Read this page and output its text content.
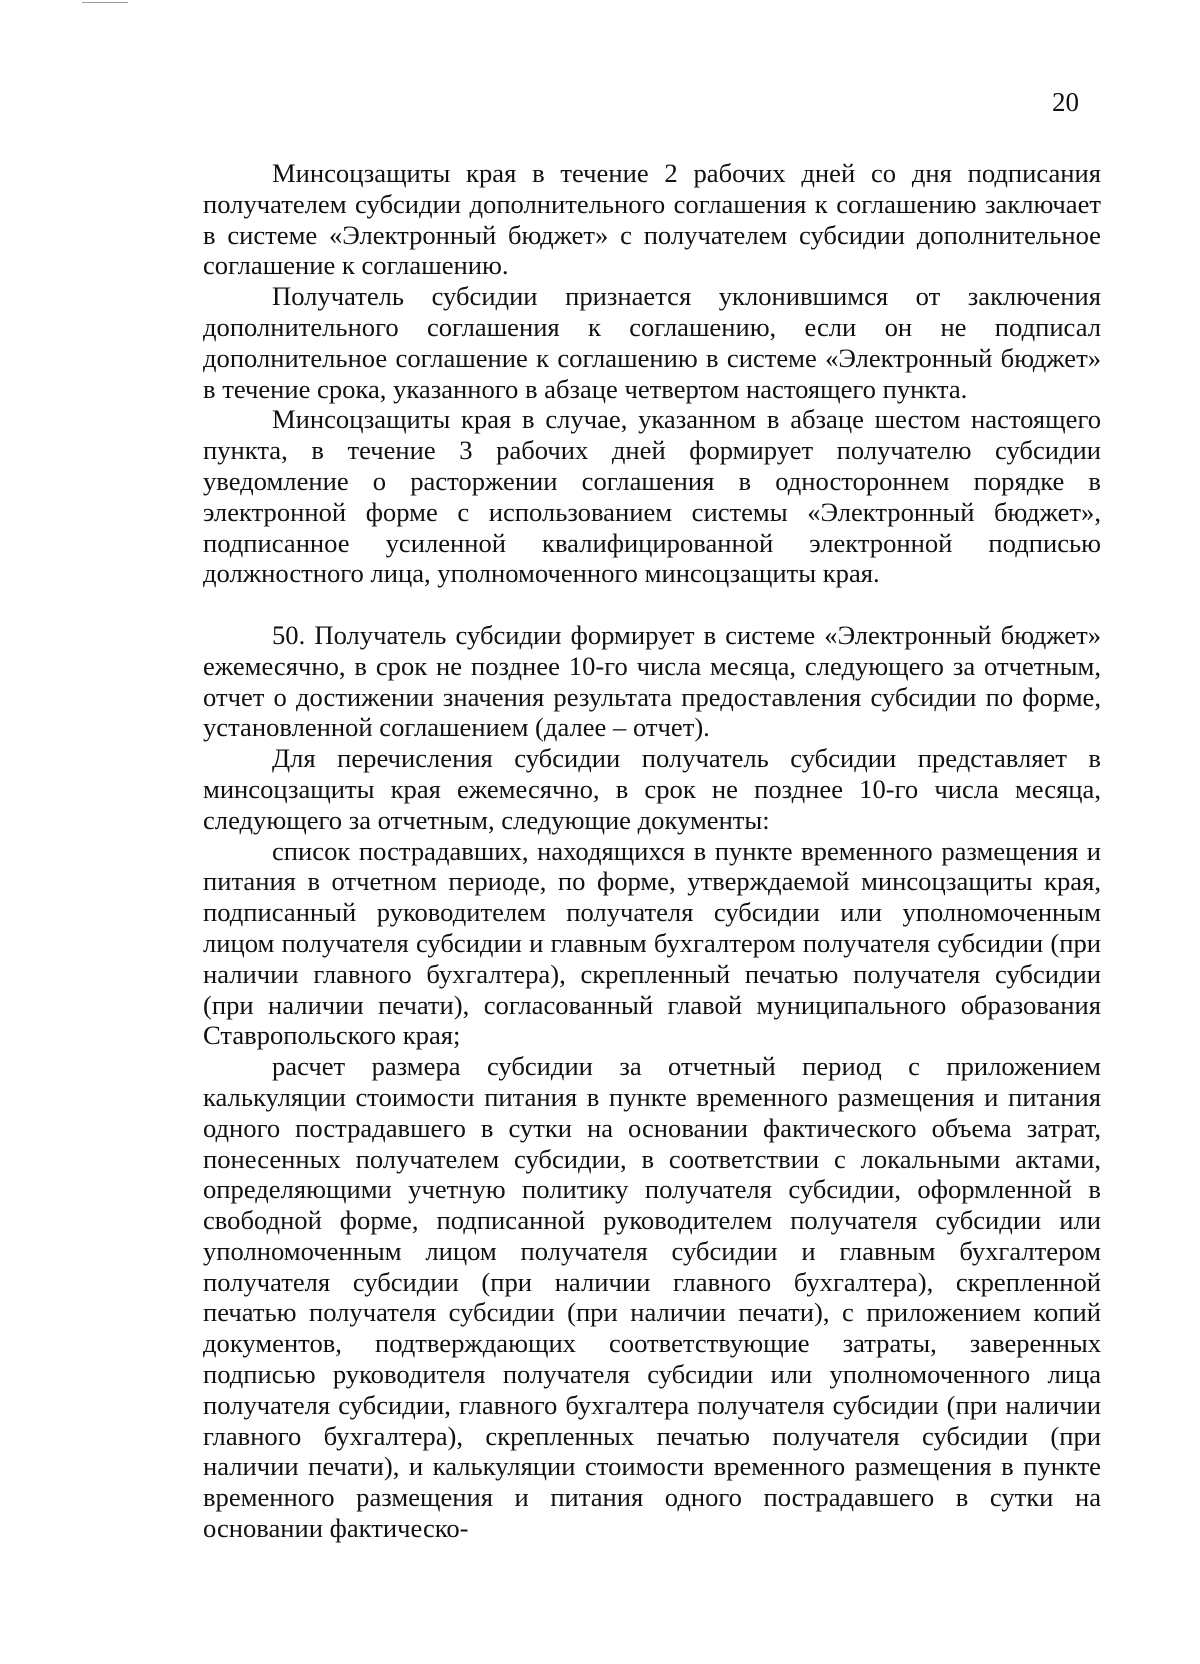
20

Минсоцзащиты края в течение 2 рабочих дней со дня подписания получателем субсидии дополнительного соглашения к соглашению заключает в системе «Электронный бюджет» с получателем субсидии дополнительное соглашение к соглашению.

Получатель субсидии признается уклонившимся от заключения дополнительного соглашения к соглашению, если он не подписал дополнительное соглашение к соглашению в системе «Электронный бюджет» в течение срока, указанного в абзаце четвертом настоящего пункта.

Минсоцзащиты края в случае, указанном в абзаце шестом настоящего пункта, в течение 3 рабочих дней формирует получателю субсидии уведомление о расторжении соглашения в одностороннем порядке в электронной форме с использованием системы «Электронный бюджет», подписанное усиленной квалифицированной электронной подписью должностного лица, уполномоченного минсоцзащиты края.

50. Получатель субсидии формирует в системе «Электронный бюджет» ежемесячно, в срок не позднее 10-го числа месяца, следующего за отчетным, отчет о достижении значения результата предоставления субсидии по форме, установленной соглашением (далее – отчет).

Для перечисления субсидии получатель субсидии представляет в минсоцзащиты края ежемесячно, в срок не позднее 10-го числа месяца, следующего за отчетным, следующие документы:

список пострадавших, находящихся в пункте временного размещения и питания в отчетном периоде, по форме, утверждаемой минсоцзащиты края, подписанный руководителем получателя субсидии или уполномоченным лицом получателя субсидии и главным бухгалтером получателя субсидии (при наличии главного бухгалтера), скрепленный печатью получателя субсидии (при наличии печати), согласованный главой муниципального образования Ставропольского края;

расчет размера субсидии за отчетный период с приложением калькуляции стоимости питания в пункте временного размещения и питания одного пострадавшего в сутки на основании фактического объема затрат, понесенных получателем субсидии, в соответствии с локальными актами, определяющими учетную политику получателя субсидии, оформленной в свободной форме, подписанной руководителем получателя субсидии или уполномоченным лицом получателя субсидии и главным бухгалтером получателя субсидии (при наличии главного бухгалтера), скрепленной печатью получателя субсидии (при наличии печати), с приложением копий документов, подтверждающих соответствующие затраты, заверенных подписью руководителя получателя субсидии или уполномоченного лица получателя субсидии, главного бухгалтера получателя субсидии (при наличии главного бухгалтера), скрепленных печатью получателя субсидии (при наличии печати), и калькуляции стоимости временного размещения в пункте временного размещения и питания одного пострадавшего в сутки на основании фактическо-
